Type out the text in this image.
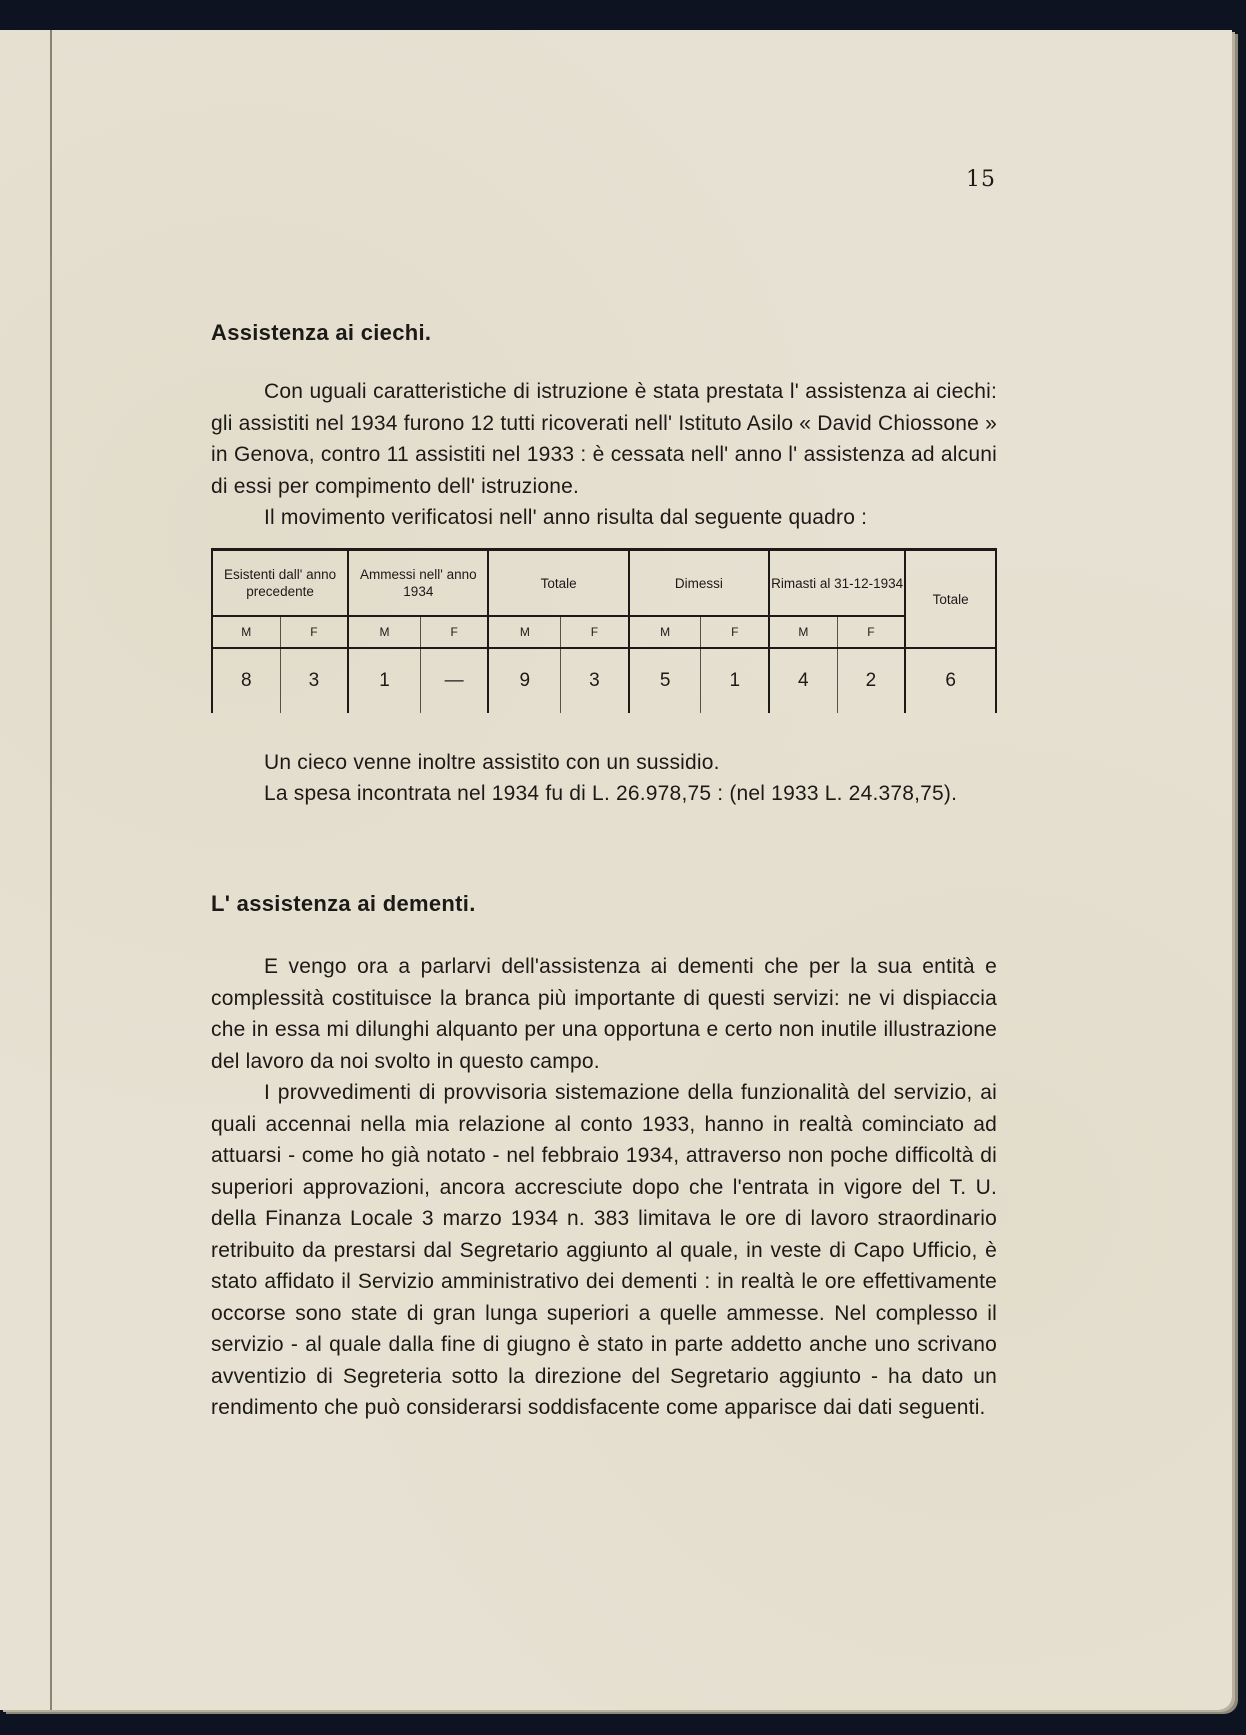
15
Assistenza ai ciechi.

Con uguali caratteristiche di istruzione è stata prestata l' assistenza ai ciechi: gli assistiti nel 1934 furono 12 tutti ricoverati nell' Istituto Asilo « David Chiossone » in Genova, contro 11 assistiti nel 1933 : è cessata nell' anno l' assistenza ad alcuni di essi per compimento dell' istruzione.

Il movimento verificatosi nell' anno risulta dal seguente quadro :

Esistenti dall' anno precedente		Ammessi nell' anno 1934		Totale		Dimessi		Rimasti al 31-12-1934		Totale
M	F	M	F	M	F	M	F	M	F	
8	3	1	—	9	3	5	1	4	2	6

Un cieco venne inoltre assistito con un sussidio.

La spesa incontrata nel 1934 fu di L. 26.978,75 : (nel 1933 L. 24.378,75).

L' assistenza ai dementi.

E vengo ora a parlarvi dell'assistenza ai dementi che per la sua entità e complessità costituisce la branca più importante di questi servizi: ne vi dispiaccia che in essa mi dilunghi alquanto per una opportuna e certo non inutile illustrazione del lavoro da noi svolto in questo campo.

I provvedimenti di provvisoria sistemazione della funzionalità del servizio, ai quali accennai nella mia relazione al conto 1933, hanno in realtà cominciato ad attuarsi - come ho già notato - nel febbraio 1934, attraverso non poche difficoltà di superiori approvazioni, ancora accresciute dopo che l'entrata in vigore del T. U. della Finanza Locale 3 marzo 1934 n. 383 limitava le ore di lavoro straordinario retribuito da prestarsi dal Segretario aggiunto al quale, in veste di Capo Ufficio, è stato affidato il Servizio amministrativo dei dementi : in realtà le ore effettivamente occorse sono state di gran lunga superiori a quelle ammesse. Nel complesso il servizio - al quale dalla fine di giugno è stato in parte addetto anche uno scrivano avventizio di Segreteria sotto la direzione del Segretario aggiunto - ha dato un rendimento che può considerarsi soddisfacente come apparisce dai dati seguenti.
